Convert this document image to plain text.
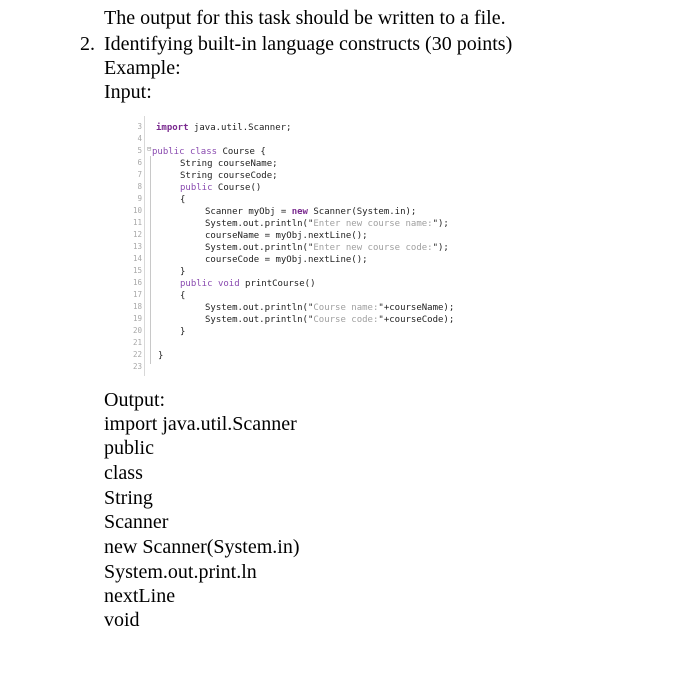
The output for this task should be written to a file.
2. Identifying built-in language constructs (30 points)
Example:
Input:
3
4
5
6
7
8
9
10
11
12
13
14
15
16
17
18
19
20
21
22
23
⊟
import java.util.Scanner;
public class Course {
String courseName;
String courseCode;
public Course()
{
Scanner myObj = new Scanner(System.in);
System.out.println("Enter new course name:");
courseName = myObj.nextLine();
System.out.println("Enter new course code:");
courseCode = myObj.nextLine();
}
public void printCourse()
{
System.out.println("Course name:"+courseName);
System.out.println("Course code:"+courseCode);
}
}
Output:
import java.util.Scanner
public
class
String
Scanner
new Scanner(System.in)
System.out.print.ln
nextLine
void
